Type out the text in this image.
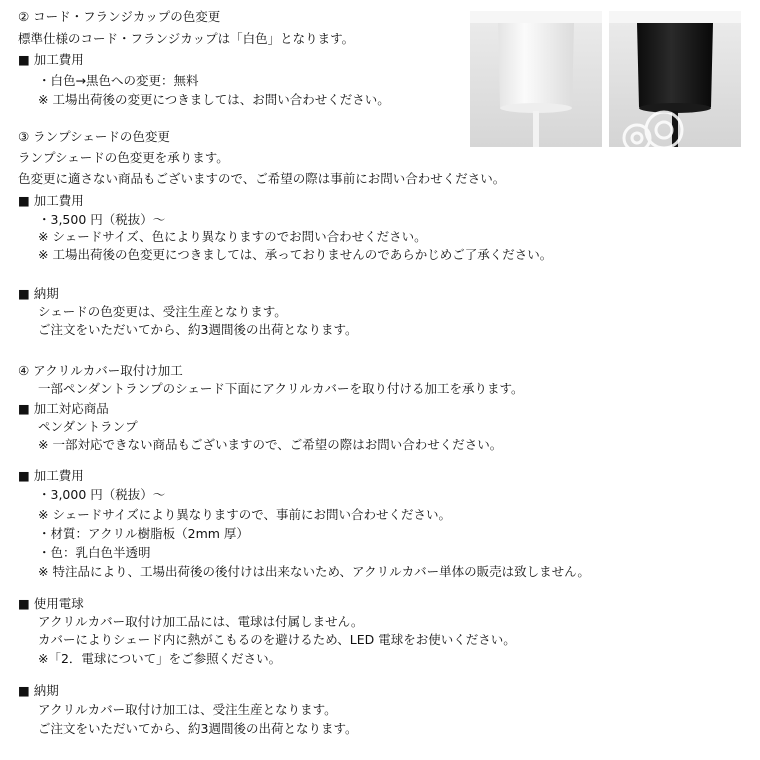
② コード・フランジカップの色変更
標準仕様のコード・フランジカップは「白色」となります。
■ 加工費用
・白色→黒色への変更：無料
※ 工場出荷後の変更につきましては、お問い合わせください。
③ ランプシェードの色変更
ランプシェードの色変更を承ります。
色変更に適さない商品もございますので、ご希望の際は事前にお問い合わせください。
■ 加工費用
・3,500 円（税抜）～
※ シェードサイズ、色により異なりますのでお問い合わせください。
※ 工場出荷後の色変更につきましては、承っておりませんのであらかじめご了承ください。
■ 納期
シェードの色変更は、受注生産となります。
ご注文をいただいてから、約3週間後の出荷となります。
④ アクリルカバー取付け加工
一部ペンダントランプのシェード下面にアクリルカバーを取り付ける加工を承ります。
■ 加工対応商品
ペンダントランプ
※ 一部対応できない商品もございますので、ご希望の際はお問い合わせください。
■ 加工費用
・3,000 円（税抜）～
※ シェードサイズにより異なりますので、事前にお問い合わせください。
・材質：アクリル樹脂板（2mm 厚）
・色：乳白色半透明
※ 特注品により、工場出荷後の後付けは出来ないため、アクリルカバー単体の販売は致しません。
■ 使用電球
アクリルカバー取付け加工品には、電球は付属しません。
カバーによりシェード内に熱がこもるのを避けるため、LED 電球をお使いください。
※「2．電球について」をご参照ください。
■ 納期
アクリルカバー取付け加工は、受注生産となります。
ご注文をいただいてから、約3週間後の出荷となります。
